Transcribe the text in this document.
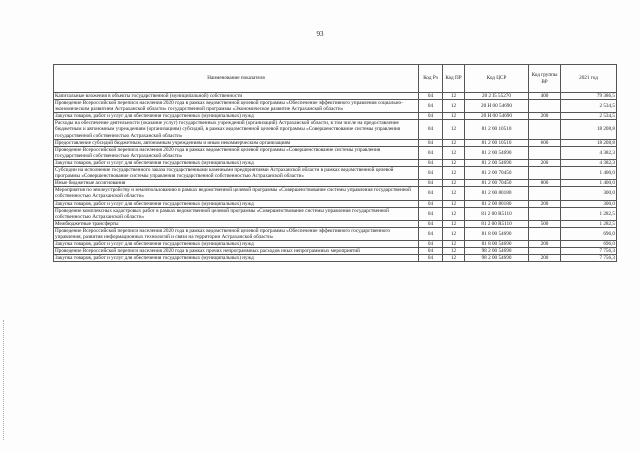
93
Наименование показателя	Код Рз	Код ПР	Код ЦСР	Код группы ВР	2021 год
Капитальные вложения в объекты государственной (муниципальной) собственности	04	12	20 2 I5 55270	400	79 386,5
Проведение Всероссийской переписи населения 2020 года в рамках ведомственной целевой программы «Обеспечение эффективного управления социально-экономическим развитием Астраханской области» государственной программы «Экономическое развитие Астраханской области»	04	12	20 Н 00 54690		2 534,5
Закупка товаров, работ и услуг для обеспечения государственных (муниципальных) нужд	04	12	20 Н 00 54690	200	2 534,5
Расходы на обеспечение деятельности (оказание услуг) государственных учреждений (организаций) Астраханской области, в том числе на предоставление бюджетным и автономным учреждениям (организациям) субсидий, в рамках ведомственной целевой программы «Совершенствование системы управления государственной собственностью Астраханской области»	04	12	81 2 00 10510		18 208,8
Предоставление субсидий бюджетным, автономным учреждениям и иным некоммерческим организациям	04	12	81 2 00 10510	600	18 208,8
Проведение Всероссийской переписи населения 2020 года в рамках ведомственной целевой программы «Совершенствование системы управления государственной собственностью Астраханской области»	04	12	81 2 00 54690		4 382,3
Закупка товаров, работ и услуг для обеспечения государственных (муниципальных) нужд	04	12	81 2 00 54690	200	4 382,3
Субсидии на исполнение государственного заказа государственными казенными предприятиями Астраханской области в рамках ведомственной целевой программы «Совершенствование системы управления государственной собственностью Астраханской области»	04	12	81 2 00 70450		1 400,0
Иные бюджетные ассигнования	04	12	81 2 00 70450	800	1 400,0
Мероприятия по землеустройству и землепользованию в рамках ведомственной целевой программы «Совершенствование системы управления государственной собственностью Астраханской области»	04	12	81 2 00 80180		300,0
Закупка товаров, работ и услуг для обеспечения государственных (муниципальных) нужд	04	12	81 2 00 80180	200	300,0
Проведение комплексных кадастровых работ в рамках ведомственной целевой программы «Совершенствование системы управления государственной собственностью Астраханской области»	04	12	81 2 00 R5110		1 282,5
Межбюджетные трансферты	04	12	81 2 00 R5110	500	1 282,5
Проведение Всероссийской переписи населения 2020 года в рамках ведомственной целевой программы «Обеспечение эффективного государственного управления, развития информационных технологий и связи на территории Астраханской области»	04	12	81 8 00 54690		696,0
Закупка товаров, работ и услуг для обеспечения государственных (муниципальных) нужд	04	12	81 8 00 54690	200	696,0
Проведение Всероссийской переписи населения 2020 года в рамках прочих непрограммных расходов иных непрограммных мероприятий	04	12	98 2 00 54690		7 756,3
Закупка товаров, работ и услуг для обеспечения государственных (муниципальных) нужд	04	12	98 2 00 54690	200	7 756,3
